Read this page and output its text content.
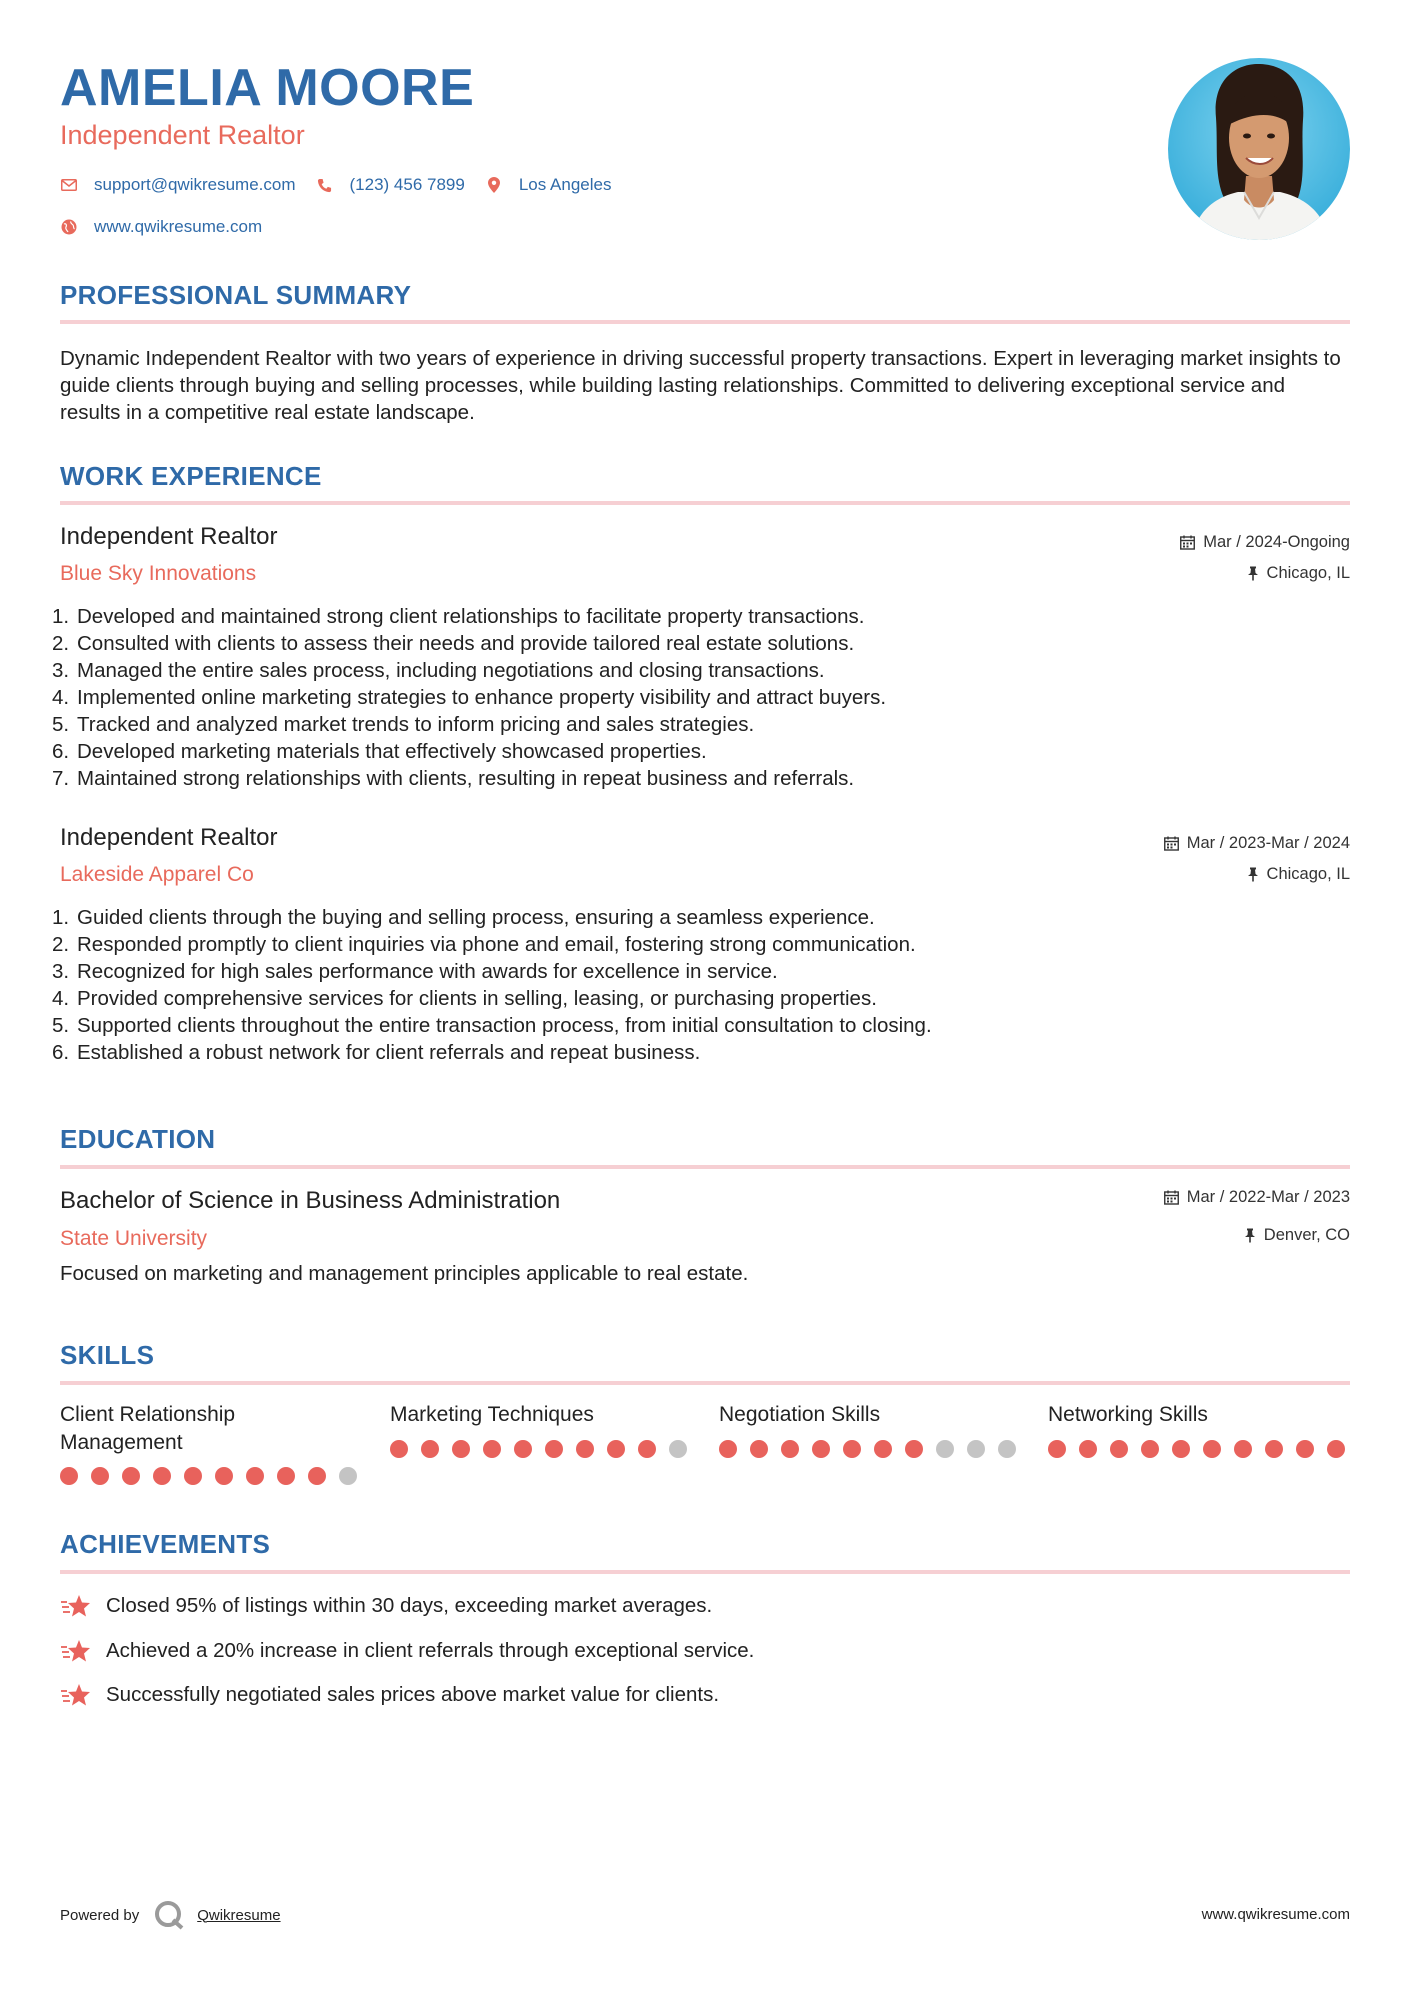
AMELIA MOORE
Independent Realtor
support@qwikresume.com	(123) 456 7899	Los Angeles
www.qwikresume.com
PROFESSIONAL SUMMARY
Dynamic Independent Realtor with two years of experience in driving successful property transactions. Expert in leveraging market insights to guide clients through buying and selling processes, while building lasting relationships. Committed to delivering exceptional service and results in a competitive real estate landscape.
WORK EXPERIENCE
Independent Realtor
Blue Sky Innovations
Mar / 2024-Ongoing
Chicago, IL
1. Developed and maintained strong client relationships to facilitate property transactions.
2. Consulted with clients to assess their needs and provide tailored real estate solutions.
3. Managed the entire sales process, including negotiations and closing transactions.
4. Implemented online marketing strategies to enhance property visibility and attract buyers.
5. Tracked and analyzed market trends to inform pricing and sales strategies.
6. Developed marketing materials that effectively showcased properties.
7. Maintained strong relationships with clients, resulting in repeat business and referrals.
Independent Realtor
Lakeside Apparel Co
Mar / 2023-Mar / 2024
Chicago, IL
1. Guided clients through the buying and selling process, ensuring a seamless experience.
2. Responded promptly to client inquiries via phone and email, fostering strong communication.
3. Recognized for high sales performance with awards for excellence in service.
4. Provided comprehensive services for clients in selling, leasing, or purchasing properties.
5. Supported clients throughout the entire transaction process, from initial consultation to closing.
6. Established a robust network for client referrals and repeat business.
EDUCATION
Bachelor of Science in Business Administration
State University
Mar / 2022-Mar / 2023
Denver, CO
Focused on marketing and management principles applicable to real estate.
SKILLS
Client Relationship Management
Marketing Techniques	Negotiation Skills	Networking Skills
ACHIEVEMENTS
Closed 95% of listings within 30 days, exceeding market averages.
Achieved a 20% increase in client referrals through exceptional service.
Successfully negotiated sales prices above market value for clients.
Powered by	Qwikresume	www.qwikresume.com
